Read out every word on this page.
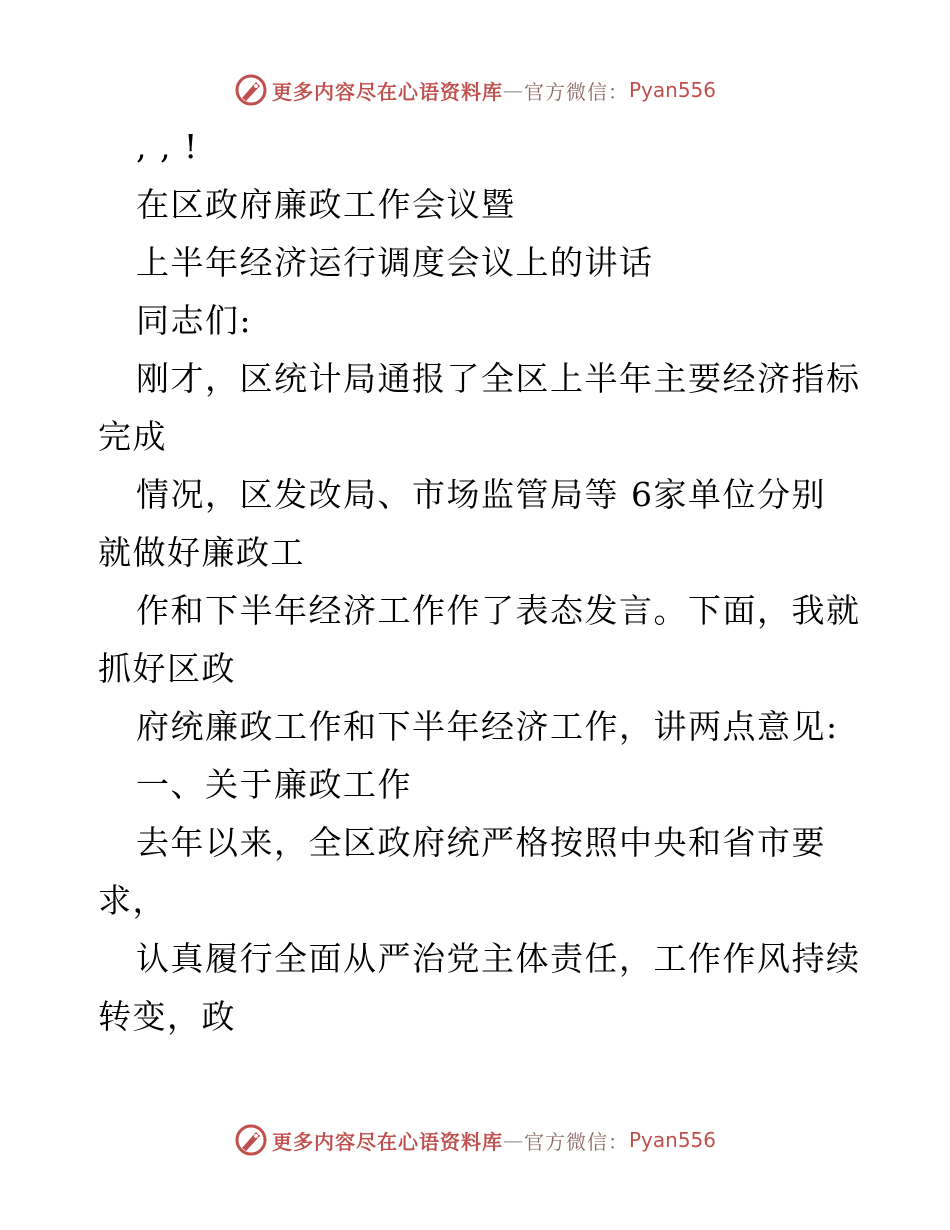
更多内容尽在心语资料库 — 官方微信： Pyan556
, , !
在区政府廉政工作会议暨
上半年经济运行调度会议上的讲话
同志们:
刚才，区统计局通报了全区上半年主要经济指标
完成
情况，区发改局、市场监管局等 6家单位分别
就做好廉政工
作和下半年经济工作作了表态发言。下面，我就
抓好区政
府统廉政工作和下半年经济工作，讲两点意见:
一、关于廉政工作
去年以来，全区政府统严格按照中央和省市要
求，
认真履行全面从严治党主体责任，工作作风持续
转变，政
更多内容尽在心语资料库 — 官方微信： Pyan556
